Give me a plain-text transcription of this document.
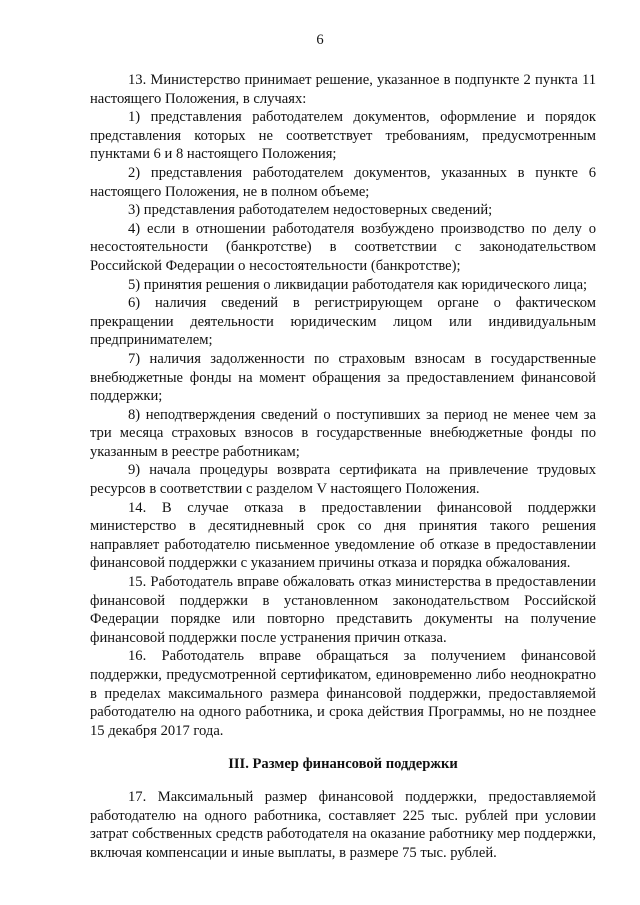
6

13. Министерство принимает решение, указанное в подпункте 2 пункта 11 настоящего Положения, в случаях:

1) представления работодателем документов, оформление и порядок представления которых не соответствует требованиям, предусмотренным пунктами 6 и 8 настоящего Положения;

2) представления работодателем документов, указанных в пункте 6 настоящего Положения, не в полном объеме;

3) представления работодателем недостоверных сведений;

4) если в отношении работодателя возбуждено производство по делу о несостоятельности (банкротстве) в соответствии с законодательством Российской Федерации о несостоятельности (банкротстве);

5) принятия решения о ликвидации работодателя как юридического лица;

6) наличия сведений в регистрирующем органе о фактическом прекращении деятельности юридическим лицом или индивидуальным предпринимателем;

7) наличия задолженности по страховым взносам в государственные внебюджетные фонды на момент обращения за предоставлением финансовой поддержки;

8) неподтверждения сведений о поступивших за период не менее чем за три месяца страховых взносов в государственные внебюджетные фонды по указанным в реестре работникам;

9) начала процедуры возврата сертификата на привлечение трудовых ресурсов в соответствии с разделом V настоящего Положения.

14. В случае отказа в предоставлении финансовой поддержки министерство в десятидневный срок со дня принятия такого решения направляет работодателю письменное уведомление об отказе в предоставлении финансовой поддержки с указанием причины отказа и порядка обжалования.

15. Работодатель вправе обжаловать отказ министерства в предоставлении финансовой поддержки в установленном законодательством Российской Федерации порядке или повторно представить документы на получение финансовой поддержки после устранения причин отказа.

16. Работодатель вправе обращаться за получением финансовой поддержки, предусмотренной сертификатом, единовременно либо неоднократно в пределах максимального размера финансовой поддержки, предоставляемой работодателю на одного работника, и срока действия Программы, но не позднее 15 декабря 2017 года.

III. Размер финансовой поддержки

17. Максимальный размер финансовой поддержки, предоставляемой работодателю на одного работника, составляет 225 тыс. рублей при условии затрат собственных средств работодателя на оказание работнику мер поддержки, включая компенсации и иные выплаты, в размере 75 тыс. рублей.
